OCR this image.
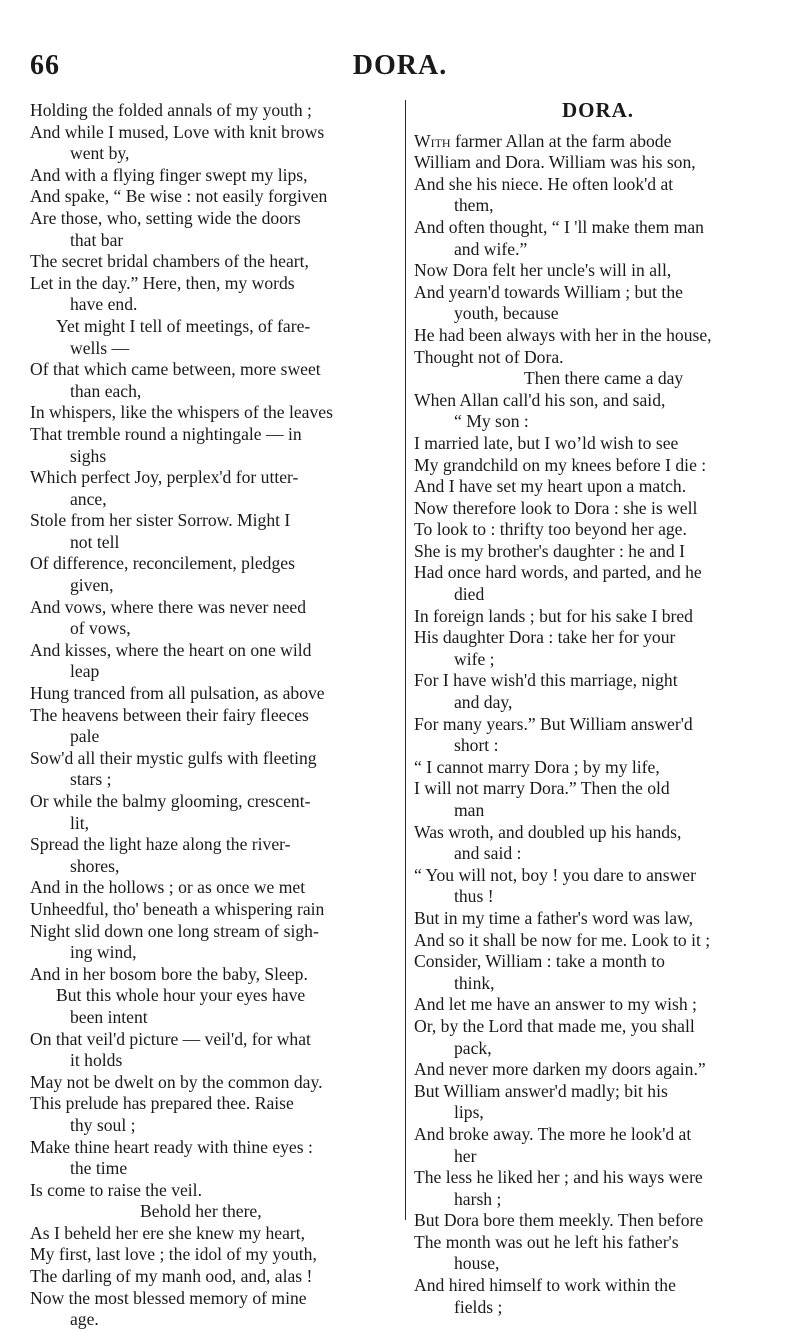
66	DORA.
Holding the folded annals of my youth ;
And while I mused, Love with knit brows
went by,
And with a flying finger swept my lips,
And spake, “ Be wise : not easily forgiven
Are those, who, setting wide the doors
that bar
The secret bridal chambers of the heart,
Let in the day.” Here, then, my words
have end.
Yet might I tell of meetings, of fare-
wells —
Of that which came between, more sweet
than each,
In whispers, like the whispers of the leaves
That tremble round a nightingale — in
sighs
Which perfect Joy, perplex'd for utter-
ance,
Stole from her sister Sorrow. Might I
not tell
Of difference, reconcilement, pledges
given,
And vows, where there was never need
of vows,
And kisses, where the heart on one wild
leap
Hung tranced from all pulsation, as above
The heavens between their fairy fleeces
pale
Sow'd all their mystic gulfs with fleeting
stars ;
Or while the balmy glooming, crescent-
lit,
Spread the light haze along the river-
shores,
And in the hollows ; or as once we met
Unheedful, tho' beneath a whispering rain
Night slid down one long stream of sigh-
ing wind,
And in her bosom bore the baby, Sleep.
But this whole hour your eyes have
been intent
On that veil'd picture — veil'd, for what
it holds
May not be dwelt on by the common day.
This prelude has prepared thee. Raise
thy soul ;
Make thine heart ready with thine eyes :
the time
Is come to raise the veil.
Behold her there,
As I beheld her ere she knew my heart,
My first, last love ; the idol of my youth,
The darling of my manh ood, and, alas !
Now the most blessed memory of mine
age.
DORA.
With farmer Allan at the farm abode
William and Dora. William was his son,
And she his niece. He often look'd at
them,
And often thought, “ I 'll make them man
and wife.”
Now Dora felt her uncle's will in all,
And yearn'd towards William ; but the
youth, because
He had been always with her in the house,
Thought not of Dora.
Then there came a day
When Allan call'd his son, and said,
“ My son :
I married late, but I wo’ld wish to see
My grandchild on my knees before I die :
And I have set my heart upon a match.
Now therefore look to Dora : she is well
To look to : thrifty too beyond her age.
She is my brother's daughter : he and I
Had once hard words, and parted, and he
died
In foreign lands ; but for his sake I bred
His daughter Dora : take her for your
wife ;
For I have wish'd this marriage, night
and day,
For many years.” But William answer'd
short :
“ I cannot marry Dora ; by my life,
I will not marry Dora.” Then the old
man
Was wroth, and doubled up his hands,
and said :
“ You will not, boy ! you dare to answer
thus !
But in my time a father's word was law,
And so it shall be now for me. Look to it ;
Consider, William : take a month to
think,
And let me have an answer to my wish ;
Or, by the Lord that made me, you shall
pack,
And never more darken my doors again.”
But William answer'd madly; bit his
lips,
And broke away. The more he look'd at
her
The less he liked her ; and his ways were
harsh ;
But Dora bore them meekly. Then before
The month was out he left his father's
house,
And hired himself to work within the
fields ;
